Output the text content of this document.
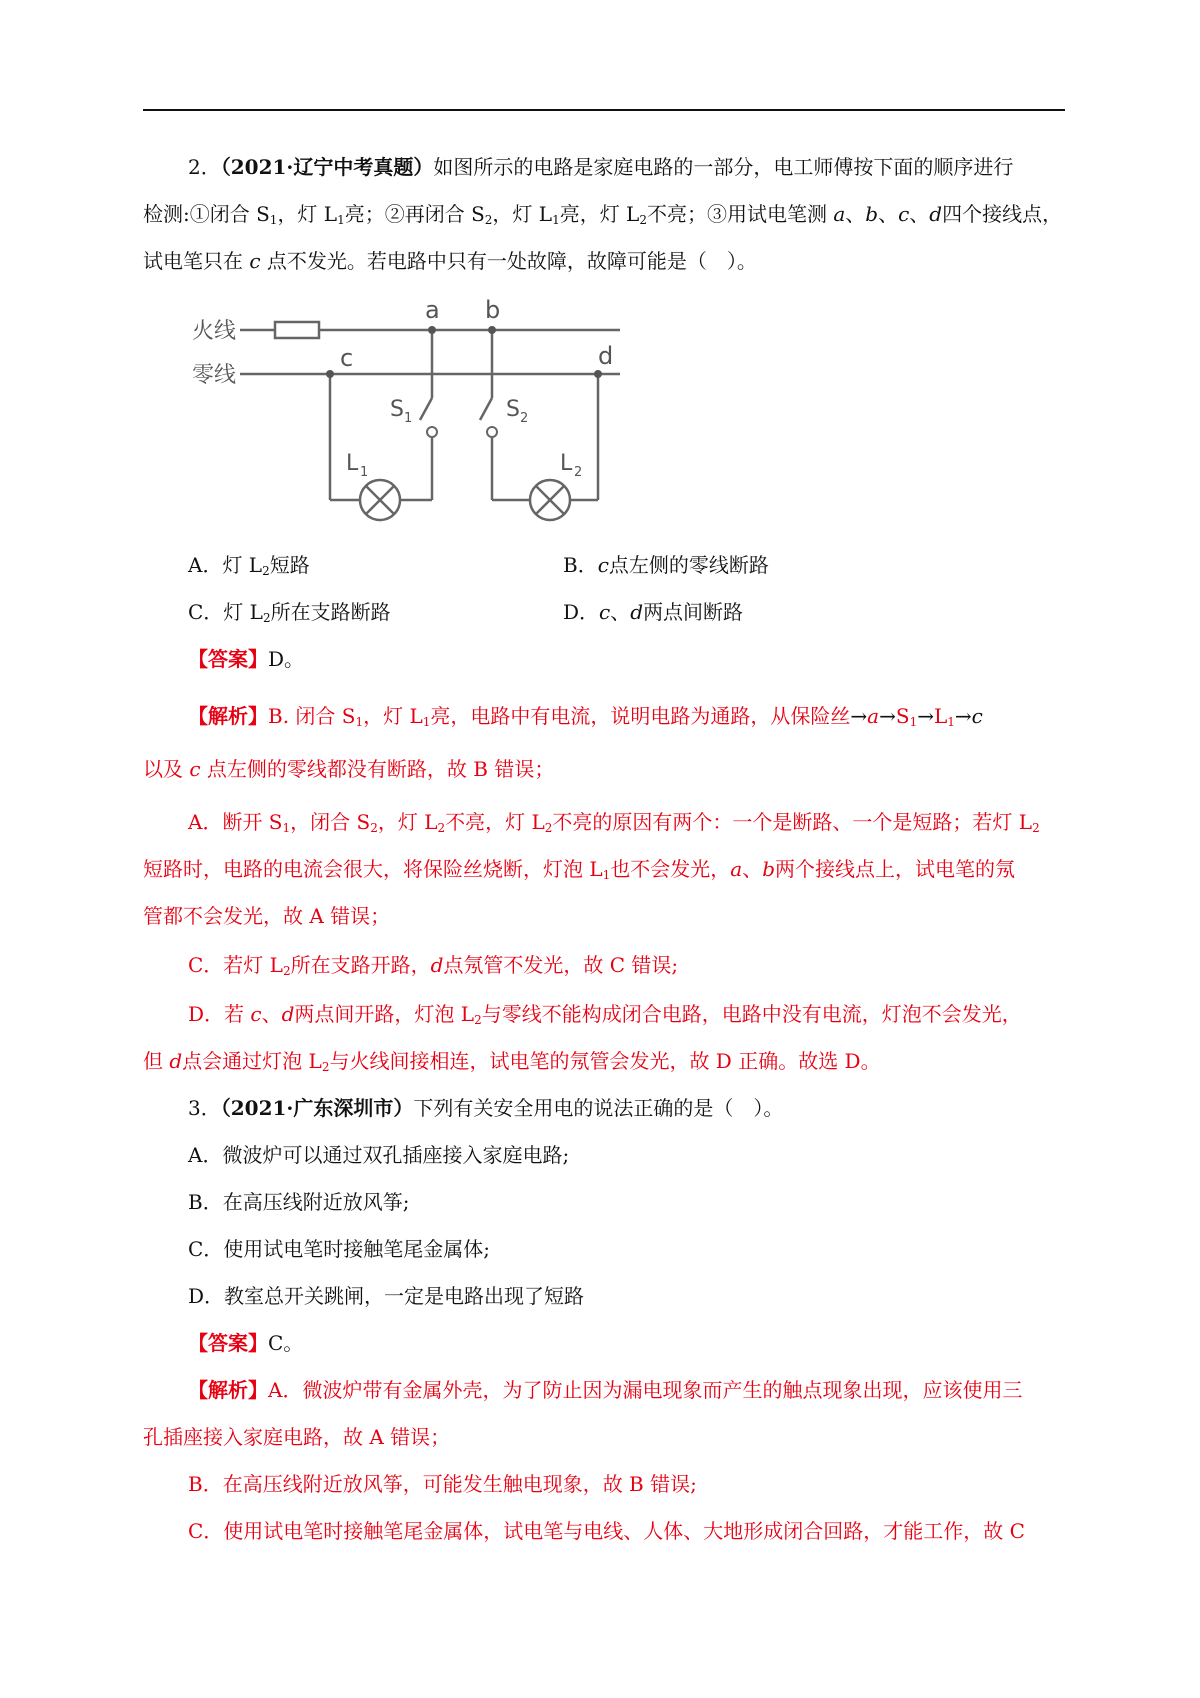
2．（2021·辽宁中考真题）如图所示的电路是家庭电路的一部分，电工师傅按下面的顺序进行
检测:①闭合 $S_1$，灯 $L_1$亮；②再闭合 $S_2$，灯 $L_1$亮，灯 $L_2$不亮；③用试电笔测 a、b、c、d四个接线点，
试电笔只在 c 点不发光。若电路中只有一处故障，故障可能是（　）。
火线
零线
a b
c	d
S 1	S 2
L 1	L 2
A．灯 $L_2$短路	B．c点左侧的零线断路
C．灯 $L_2$所在支路断路	D．c、d两点间断路
【答案】D。
【解析】B. 闭合 $S_1$，灯 $L_1$亮，电路中有电流，说明电路为通路，从保险丝$\to a\to S_1\to L_1\to c$
以及 c 点左侧的零线都没有断路，故 B 错误；
A．断开 $S_1$，闭合 $S_2$，灯 $L_2$不亮，灯 $L_2$不亮的原因有两个：一个是断路、一个是短路；若灯 $L_2$
短路时，电路的电流会很大，将保险丝烧断，灯泡 $L_1$也不会发光，a、b两个接线点上，试电笔的氖
管都不会发光，故 A 错误；
C．若灯 $L_2$所在支路开路，d点氖管不发光，故 C 错误;
D．若 c、d两点间开路，灯泡 $L_2$与零线不能构成闭合电路，电路中没有电流，灯泡不会发光，
但 d点会通过灯泡 $L_2$与火线间接相连，试电笔的氖管会发光，故 D 正确。故选 D。
3．（2021·广东深圳市）下列有关安全用电的说法正确的是（　）。
A．微波炉可以通过双孔插座接入家庭电路;
B．在高压线附近放风筝;
C．使用试电笔时接触笔尾金属体;
D．教室总开关跳闸，一定是电路出现了短路
【答案】C。
【解析】A．微波炉带有金属外壳，为了防止因为漏电现象而产生的触点现象出现，应该使用三
孔插座接入家庭电路，故 A 错误；
B．在高压线附近放风筝，可能发生触电现象，故 B 错误;
C．使用试电笔时接触笔尾金属体，试电笔与电线、人体、大地形成闭合回路，才能工作，故 C
